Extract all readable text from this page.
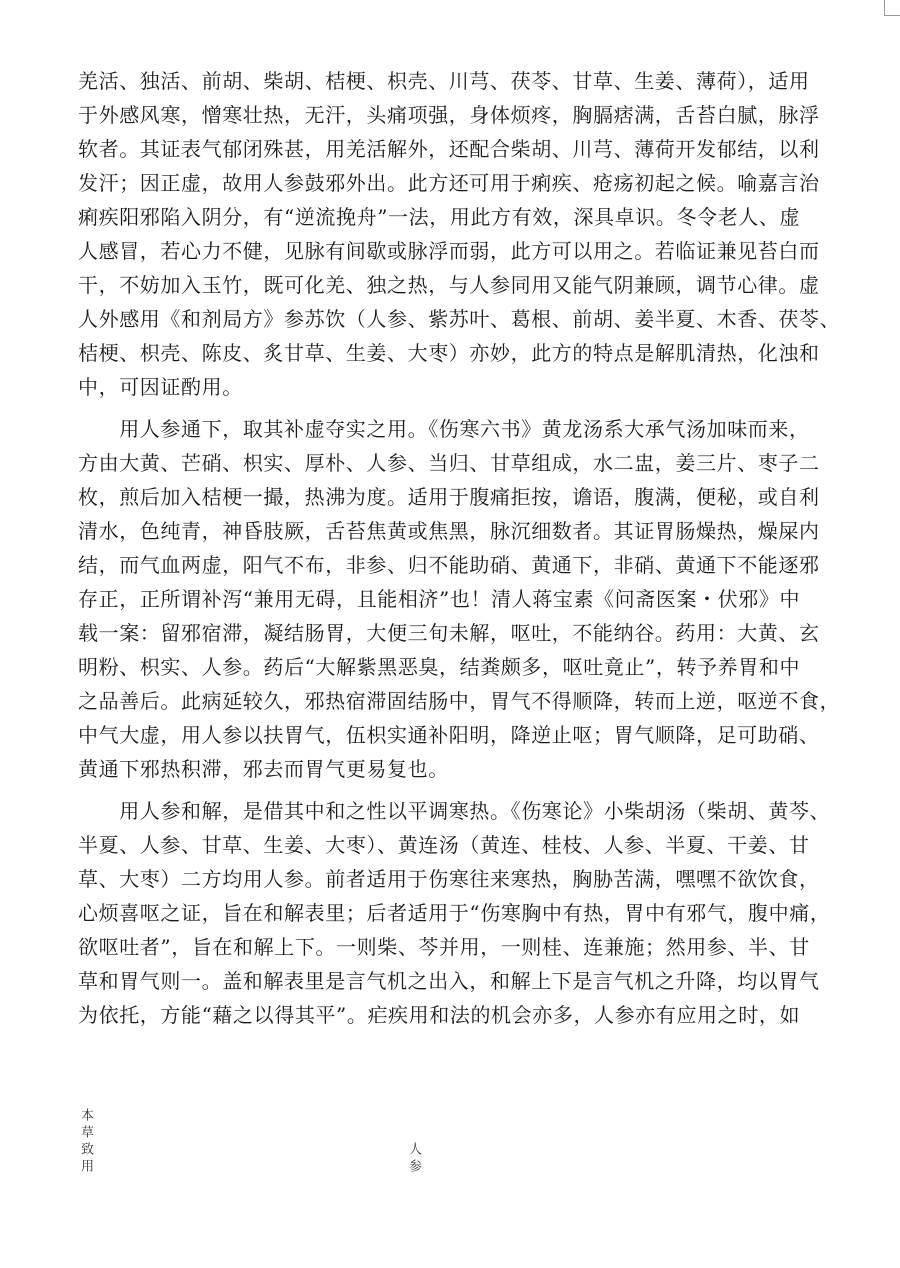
羌活、独活、前胡、柴胡、桔梗、枳壳、川芎、茯苓、甘草、生姜、薄荷），适用
于外感风寒，憎寒壮热，无汗，头痛项强，身体烦疼，胸膈痞满，舌苔白腻，脉浮
软者。其证表气郁闭殊甚，用羌活解外，还配合柴胡、川芎、薄荷开发郁结，以利
发汗；因正虚，故用人参鼓邪外出。此方还可用于痢疾、疮疡初起之候。喻嘉言治
痢疾阳邪陷入阴分，有“逆流挽舟”一法，用此方有效，深具卓识。冬令老人、虚
人感冒，若心力不健，见脉有间歇或脉浮而弱，此方可以用之。若临证兼见苔白而
干，不妨加入玉竹，既可化羌、独之热，与人参同用又能气阴兼顾，调节心律。虚
人外感用《和剂局方》参苏饮（人参、紫苏叶、葛根、前胡、姜半夏、木香、茯苓、
桔梗、枳壳、陈皮、炙甘草、生姜、大枣）亦妙，此方的特点是解肌清热，化浊和
中，可因证酌用。

　　用人参通下，取其补虚夺实之用。《伤寒六书》黄龙汤系大承气汤加味而来，
方由大黄、芒硝、枳实、厚朴、人参、当归、甘草组成，水二盅，姜三片、枣子二
枚，煎后加入桔梗一撮，热沸为度。适用于腹痛拒按，谵语，腹满，便秘，或自利
清水，色纯青，神昏肢厥，舌苔焦黄或焦黑，脉沉细数者。其证胃肠燥热，燥屎内
结，而气血两虚，阳气不布，非参、归不能助硝、黄通下，非硝、黄通下不能逐邪
存正，正所谓补泻“兼用无碍，且能相济”也！清人蒋宝素《问斋医案・伏邪》中
载一案：留邪宿滞，凝结肠胃，大便三旬未解，呕吐，不能纳谷。药用：大黄、玄
明粉、枳实、人参。药后“大解紫黑恶臭，结粪颇多，呕吐竟止”，转予养胃和中
之品善后。此病延较久，邪热宿滞固结肠中，胃气不得顺降，转而上逆，呕逆不食，
中气大虚，用人参以扶胃气，伍枳实通补阳明，降逆止呕；胃气顺降，足可助硝、
黄通下邪热积滞，邪去而胃气更易复也。

　　用人参和解，是借其中和之性以平调寒热。《伤寒论》小柴胡汤（柴胡、黄芩、
半夏、人参、甘草、生姜、大枣）、黄连汤（黄连、桂枝、人参、半夏、干姜、甘
草、大枣）二方均用人参。前者适用于伤寒往来寒热，胸胁苦满，嘿嘿不欲饮食，
心烦喜呕之证，旨在和解表里；后者适用于“伤寒胸中有热，胃中有邪气，腹中痛，
欲呕吐者”，旨在和解上下。一则柴、芩并用，一则桂、连兼施；然用参、半、甘
草和胃气则一。盖和解表里是言气机之出入，和解上下是言气机之升降，均以胃气
为依托，方能“藉之以得其平”。疟疾用和法的机会亦多，人参亦有应用之时，如

本草致用	人参
